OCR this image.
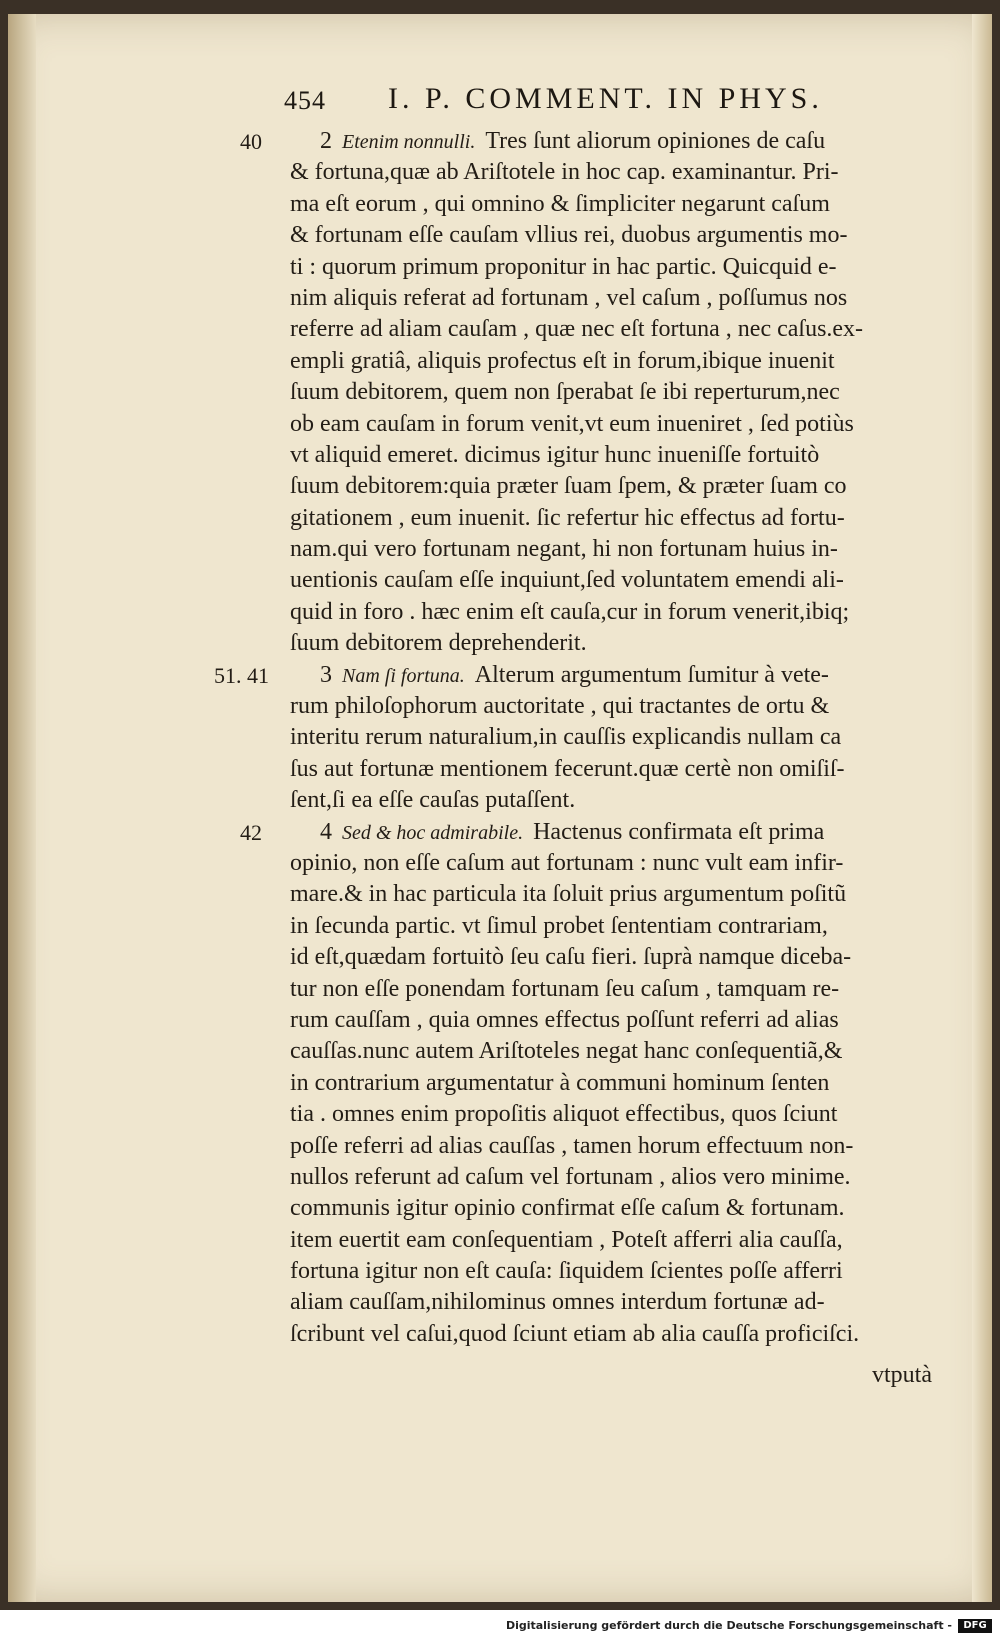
454 I. P. COMMENT. IN PHYS.
40 2 Etenim nonnulli. Tres ſunt aliorum opiniones de caſu
& fortuna,quæ ab Ariſtotele in hoc cap. examinantur. Pri-
ma eſt eorum , qui omnino & ſimpliciter negarunt caſum
& fortunam eſſe cauſam vllius rei, duobus argumentis mo-
ti : quorum primum proponitur in hac partic. Quicquid e-
nim aliquis referat ad fortunam , vel caſum , poſſumus nos
referre ad aliam cauſam , quæ nec eſt fortuna , nec caſus.ex-
empli gratiâ, aliquis profectus eſt in forum,ibique inuenit
ſuum debitorem, quem non ſperabat ſe ibi reperturum,nec
ob eam cauſam in forum venit,vt eum inueniret , ſed potiùs
vt aliquid emeret. dicimus igitur hunc inueniſſe fortuitò
ſuum debitorem:quia præter ſuam ſpem, & præter ſuam co
gitationem , eum inuenit. ſic refertur hic effectus ad fortu-
nam.qui vero fortunam negant, hi non fortunam huius in-
uentionis cauſam eſſe inquiunt,ſed voluntatem emendi ali-
quid in foro . hæc enim eſt cauſa,cur in forum venerit,ibiq;
ſuum debitorem deprehenderit.
51. 41 3 Nam ſi fortuna. Alterum argumentum ſumitur à vete-
rum philoſophorum auctoritate , qui tractantes de ortu &
interitu rerum naturalium,in cauſſis explicandis nullam ca
ſus aut fortunæ mentionem fecerunt.quæ certè non omiſiſ-
ſent,ſi ea eſſe cauſas putaſſent.
42 4 Sed & hoc admirabile. Hactenus confirmata eſt prima
opinio, non eſſe caſum aut fortunam : nunc vult eam infir-
mare.& in hac particula ita ſoluit prius argumentum poſitũ
in ſecunda partic. vt ſimul probet ſententiam contrariam,
id eſt,quædam fortuitò ſeu caſu fieri. ſuprà namque diceba-
tur non eſſe ponendam fortunam ſeu caſum , tamquam re-
rum cauſſam , quia omnes effectus poſſunt referri ad alias
cauſſas.nunc autem Ariſtoteles negat hanc conſequentiã,&
in contrarium argumentatur à communi hominum ſenten
tia . omnes enim propoſitis aliquot effectibus, quos ſciunt
poſſe referri ad alias cauſſas , tamen horum effectuum non-
nullos referunt ad caſum vel fortunam , alios vero minime.
communis igitur opinio confirmat eſſe caſum & fortunam.
item euertit eam conſequentiam , Poteſt afferri alia cauſſa,
fortuna igitur non eſt cauſa: ſiquidem ſcientes poſſe afferri
aliam cauſſam,nihilominus omnes interdum fortunæ ad-
ſcribunt vel caſui,quod ſciunt etiam ab alia cauſſa proficiſci.
vtputà
Digitalisierung gefördert durch die Deutsche Forschungsgemeinschaft -	DFG
